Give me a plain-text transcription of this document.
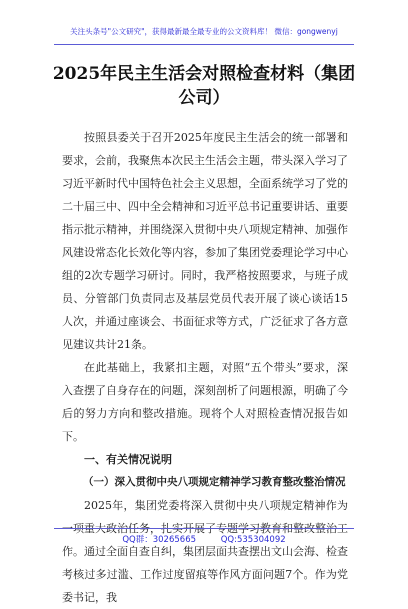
关注头条号"公文研究"，获得最新最全最专业的公文资料库！ 微信：gongwenyj
2025年民主生活会对照检查材料（集团公司）

按照县委关于召开2025年度民主生活会的统一部署和要求，会前，我聚焦本次民主生活会主题，带头深入学习了习近平新时代中国特色社会主义思想，全面系统学习了党的二十届三中、四中全会精神和习近平总书记重要讲话、重要指示批示精神，并围绕深入贯彻中央八项规定精神、加强作风建设常态化长效化等内容，参加了集团党委理论学习中心组的2次专题学习研讨。同时，我严格按照要求，与班子成员、分管部门负责同志及基层党员代表开展了谈心谈话15人次，并通过座谈会、书面征求等方式，广泛征求了各方意见建议共计21条。

在此基础上，我紧扣主题，对照“五个带头”要求，深入查摆了自身存在的问题，深刻剖析了问题根源，明确了今后的努力方向和整改措施。现将个人对照检查情况报告如下。

一、有关情况说明

（一）深入贯彻中央八项规定精神学习教育整改整治情况

2025年，集团党委将深入贯彻中央八项规定精神作为一项重大政治任务，扎实开展了专题学习教育和整改整治工作。通过全面自查自纠，集团层面共查摆出文山会海、检查考核过多过滥、工作过度留痕等作风方面问题7个。作为党委书记，我

QQ群：30265665	QQ:535304092
